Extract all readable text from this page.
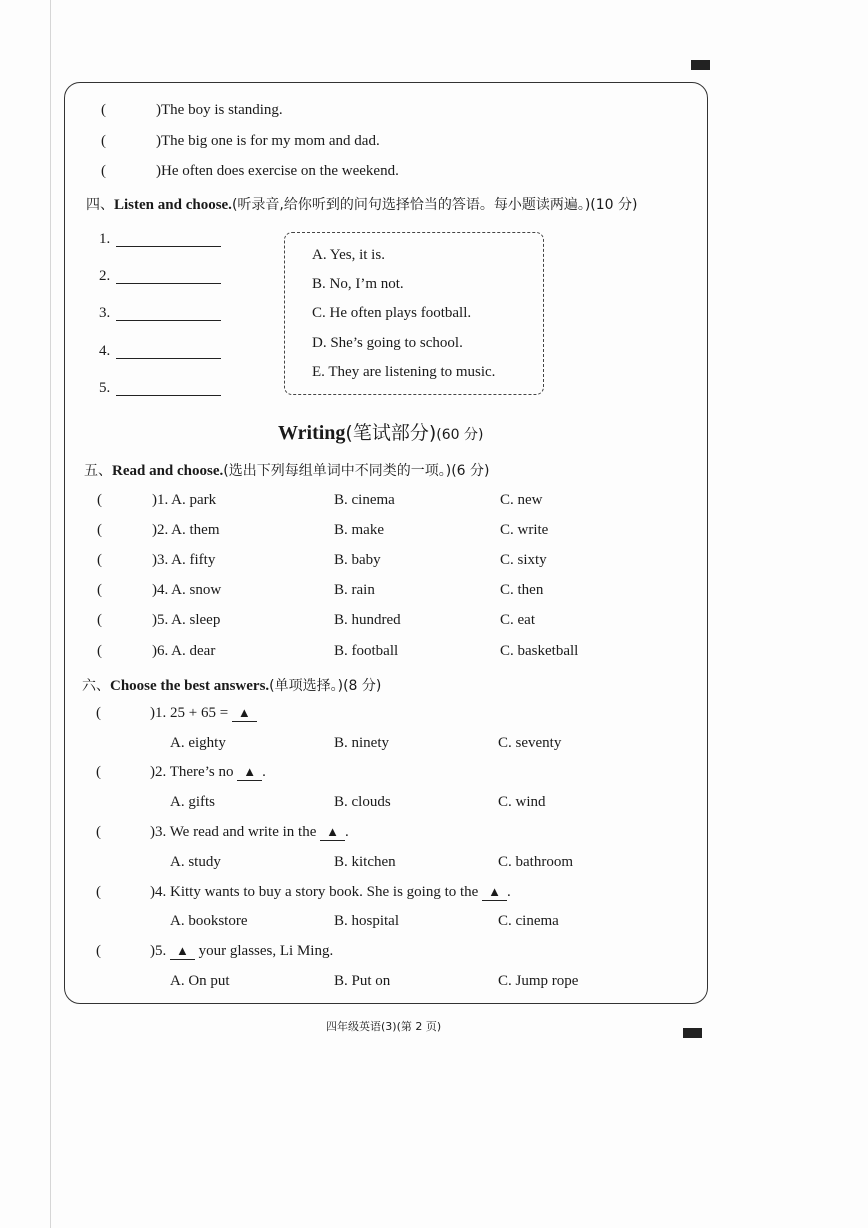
(	)The boy is standing.
(	)The big one is for my mom and dad.
(	)He often does exercise on the weekend.
四、Listen and choose.(听录音,给你听到的问句选择恰当的答语。每小题读两遍。)(10 分)
1.
2.
3.
4.
5.
A. Yes, it is.
B. No, I’m not.
C. He often plays football.
D. She’s going to school.
E. They are listening to music.
Writing(笔试部分)(60 分)
五、Read and choose.(选出下列每组单词中不同类的一项。)(6 分)
(	)1. A. park	B. cinema	C. new
(	)2. A. them	B. make	C. write
(	)3. A. fifty	B. baby	C. sixty
(	)4. A. snow	B. rain	C. then
(	)5. A. sleep	B. hundred	C. eat
(	)6. A. dear	B. football	C. basketball
六、Choose the best answers.(单项选择。)(8 分)
(	)1. 25 + 65 = ▲
A. eighty	B. ninety	C. seventy
(	)2. There’s no ▲ .
A. gifts	B. clouds	C. wind
(	)3. We read and write in the ▲ .
A. study	B. kitchen	C. bathroom
(	)4. Kitty wants to buy a story book. She is going to the ▲ .
A. bookstore	B. hospital	C. cinema
(	)5. ▲ your glasses, Li Ming.
A. On put	B. Put on	C. Jump rope
四年级英语(3)(第 2 页)
